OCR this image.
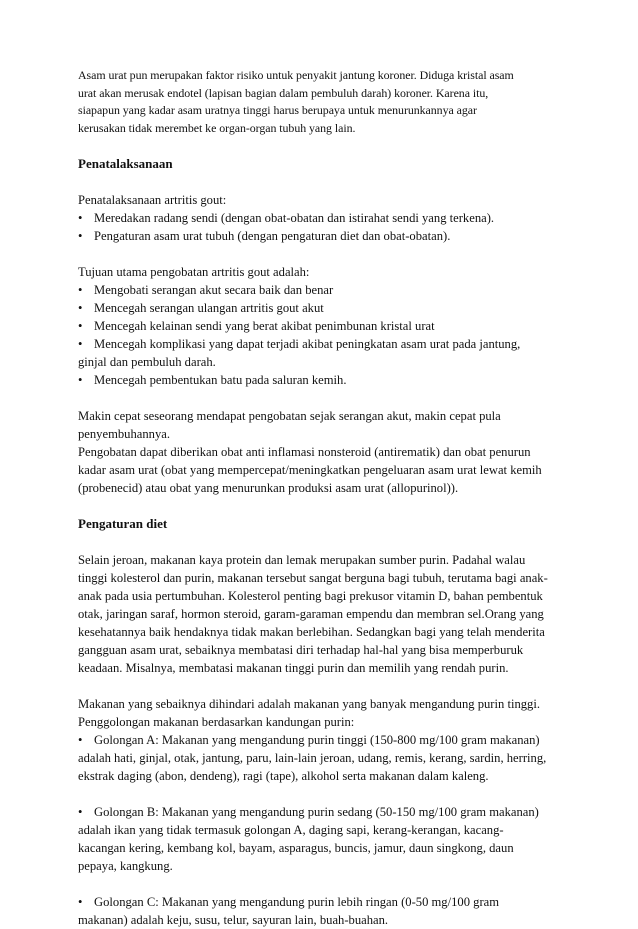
Asam urat pun merupakan faktor risiko untuk penyakit jantung koroner. Diduga kristal asam

urat akan merusak endotel (lapisan bagian dalam pembuluh darah) koroner. Karena itu,

siapapun yang kadar asam uratnya tinggi harus berupaya untuk menurunkannya agar

kerusakan tidak merembet ke organ-organ tubuh yang lain.

Penatalaksanaan

Penatalaksanaan artritis gout:

• Meredakan radang sendi (dengan obat-obatan dan istirahat sendi yang terkena).

• Pengaturan asam urat tubuh (dengan pengaturan diet dan obat-obatan).

Tujuan utama pengobatan artritis gout adalah:

• Mengobati serangan akut secara baik dan benar

• Mencegah serangan ulangan artritis gout akut

• Mencegah kelainan sendi yang berat akibat penimbunan kristal urat

• Mencegah komplikasi yang dapat terjadi akibat peningkatan asam urat pada jantung,

ginjal dan pembuluh darah.

• Mencegah pembentukan batu pada saluran kemih.

Makin cepat seseorang mendapat pengobatan sejak serangan akut, makin cepat pula

penyembuhannya.

Pengobatan dapat diberikan obat anti inflamasi nonsteroid (antirematik) dan obat penurun

kadar asam urat (obat yang mempercepat/meningkatkan pengeluaran asam urat lewat kemih

(probenecid) atau obat yang menurunkan produksi asam urat (allopurinol)).

Pengaturan diet

Selain jeroan, makanan kaya protein dan lemak merupakan sumber purin. Padahal walau

tinggi kolesterol dan purin, makanan tersebut sangat berguna bagi tubuh, terutama bagi anak-

anak pada usia pertumbuhan. Kolesterol penting bagi prekusor vitamin D, bahan pembentuk

otak, jaringan saraf, hormon steroid, garam-garaman empendu dan membran sel.Orang yang

kesehatannya baik hendaknya tidak makan berlebihan. Sedangkan bagi yang telah menderita

gangguan asam urat, sebaiknya membatasi diri terhadap hal-hal yang bisa memperburuk

keadaan. Misalnya, membatasi makanan tinggi purin dan memilih yang rendah purin.

Makanan yang sebaiknya dihindari adalah makanan yang banyak mengandung purin tinggi.

Penggolongan makanan berdasarkan kandungan purin:

• Golongan A: Makanan yang mengandung purin tinggi (150-800 mg/100 gram makanan)

adalah hati, ginjal, otak, jantung, paru, lain-lain jeroan, udang, remis, kerang, sardin, herring,

ekstrak daging (abon, dendeng), ragi (tape), alkohol serta makanan dalam kaleng.

• Golongan B: Makanan yang mengandung purin sedang (50-150 mg/100 gram makanan)

adalah ikan yang tidak termasuk golongan A, daging sapi, kerang-kerangan, kacang-

kacangan kering, kembang kol, bayam, asparagus, buncis, jamur, daun singkong, daun

pepaya, kangkung.

• Golongan C: Makanan yang mengandung purin lebih ringan (0-50 mg/100 gram

makanan) adalah keju, susu, telur, sayuran lain, buah-buahan.
